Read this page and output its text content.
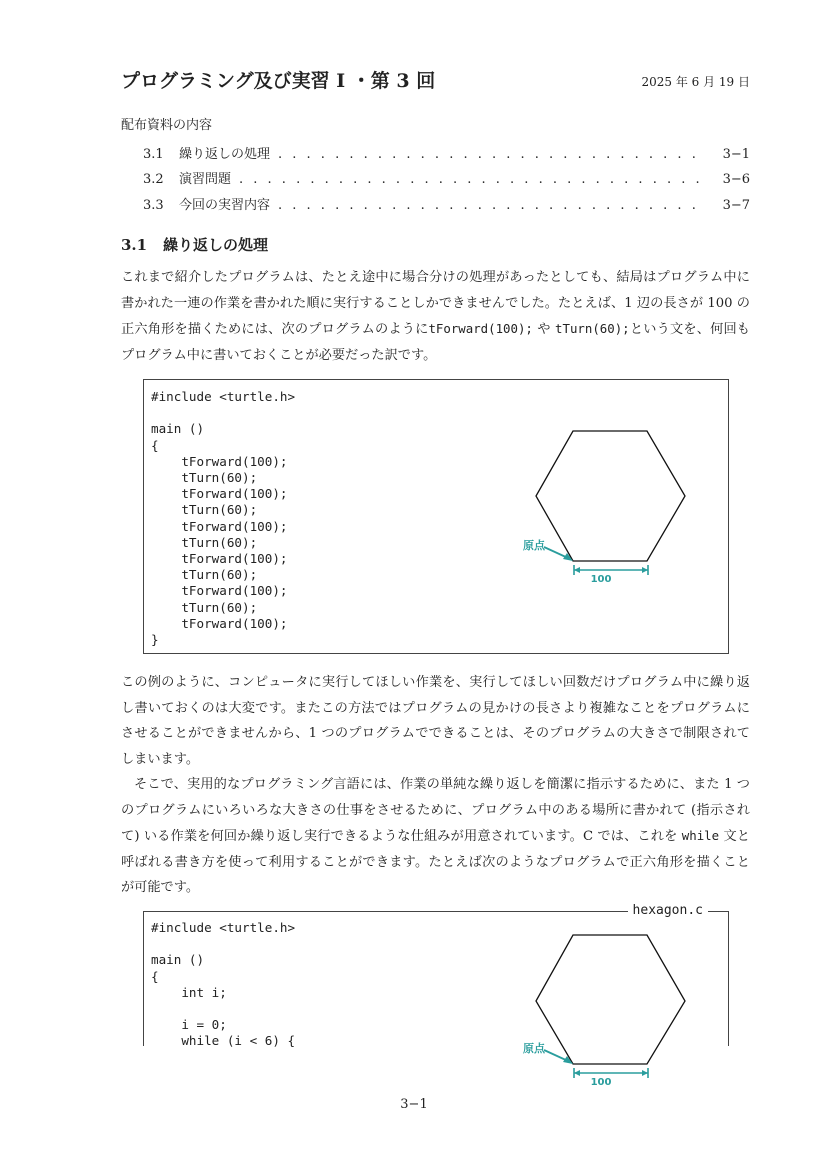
プログラミング及び実習 I ・第 3 回	2025 年 6 月 19 日
配布資料の内容
3.1	繰り返しの処理 . . .	3−1
3.2	演習問題 . . .	3−6
3.3	今回の実習内容 . . .	3−7
3.1 繰り返しの処理
これまで紹介したプログラムは、たとえ途中に場合分けの処理があったとしても、結局はプログラム中に書かれた一連の作業を書かれた順に実行することしかできませんでした。たとえば、1 辺の長さが 100 の正六角形を描くためには、次のプログラムのようにtForward(100); や tTurn(60);という文を、何回もプログラム中に書いておくことが必要だった訳です。
#include <turtle.h>

main ()
{
tForward(100);
tTurn(60);
tForward(100);
tTurn(60);
tForward(100);
tTurn(60);
tForward(100);
tTurn(60);
tForward(100);
tTurn(60);
tForward(100);
}
原点
100
この例のように、コンピュータに実行してほしい作業を、実行してほしい回数だけプログラム中に繰り返し書いておくのは大変です。またこの方法ではプログラムの見かけの長さより複雑なことをプログラムにさせることができませんから、1 つのプログラムでできることは、そのプログラムの大きさで制限されてしまいます。
そこで、実用的なプログラミング言語には、作業の単純な繰り返しを簡潔に指示するために、また 1 つのプログラムにいろいろな大きさの仕事をさせるために、プログラム中のある場所に書かれて (指示されて) いる作業を何回か繰り返し実行できるような仕組みが用意されています。C では、これを while 文と呼ばれる書き方を使って利用することができます。たとえば次のようなプログラムで正六角形を描くことが可能です。
hexagon.c
#include <turtle.h>

main ()
{
int i;

i = 0;
while (i < 6) {
原点
100
3−1
